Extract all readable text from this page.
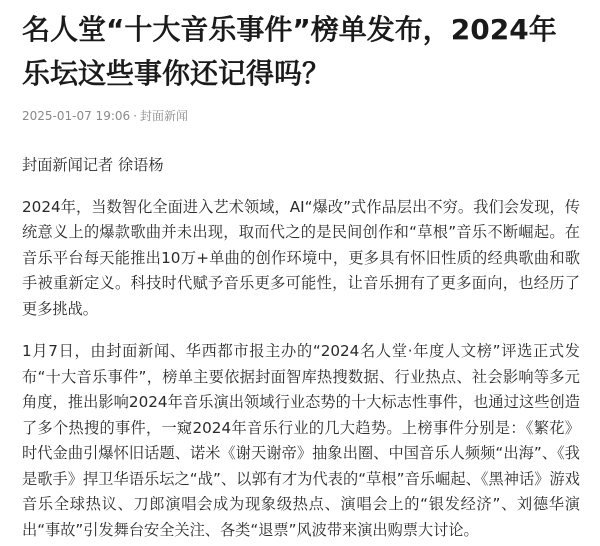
名人堂“十大音乐事件”榜单发布，2024年乐坛这些事你还记得吗？
2025-01-07 19:06 · 封面新闻

封面新闻记者 徐语杨

2024年，当数智化全面进入艺术领域，AI“爆改”式作品层出不穷。我们会发现，传统意义上的爆款歌曲并未出现，取而代之的是民间创作和“草根”音乐不断崛起。在音乐平台每天能推出10万+单曲的创作环境中，更多具有怀旧性质的经典歌曲和歌手被重新定义。科技时代赋予音乐更多可能性，让音乐拥有了更多面向，也经历了更多挑战。

1月7日，由封面新闻、华西都市报主办的“2024名人堂·年度人文榜”评选正式发布“十大音乐事件”，榜单主要依据封面智库热搜数据、行业热点、社会影响等多元角度，推出影响2024年音乐演出领域行业态势的十大标志性事件，也通过这些创造了多个热搜的事件，一窥2024年音乐行业的几大趋势。上榜事件分别是：《繁花》时代金曲引爆怀旧话题、诺米《谢天谢帝》抽象出圈、中国音乐人频频“出海”、《我是歌手》捍卫华语乐坛之“战”、以郭有才为代表的“草根”音乐崛起、《黑神话》游戏音乐全球热议、刀郎演唱会成为现象级热点、演唱会上的“银发经济”、刘德华演出“事故”引发舞台安全关注、各类“退票”风波带来演出购票大讨论。
